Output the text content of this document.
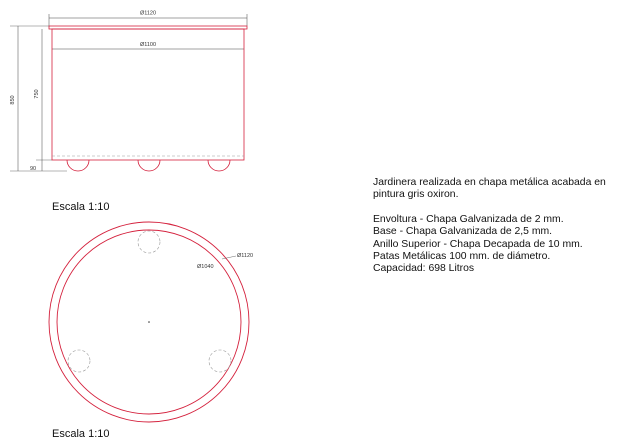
Ø1120
Ø1100
850
750
90
Ø1120
Ø1040
Escala 1:10
Escala 1:10
Jardinera realizada en chapa metálica acabada en
pintura gris oxiron.
Envoltura - Chapa Galvanizada de 2 mm.
Base - Chapa Galvanizada de 2,5 mm.
Anillo Superior - Chapa Decapada de 10 mm.
Patas Metálicas 100 mm. de diámetro.
Capacidad: 698 Litros
